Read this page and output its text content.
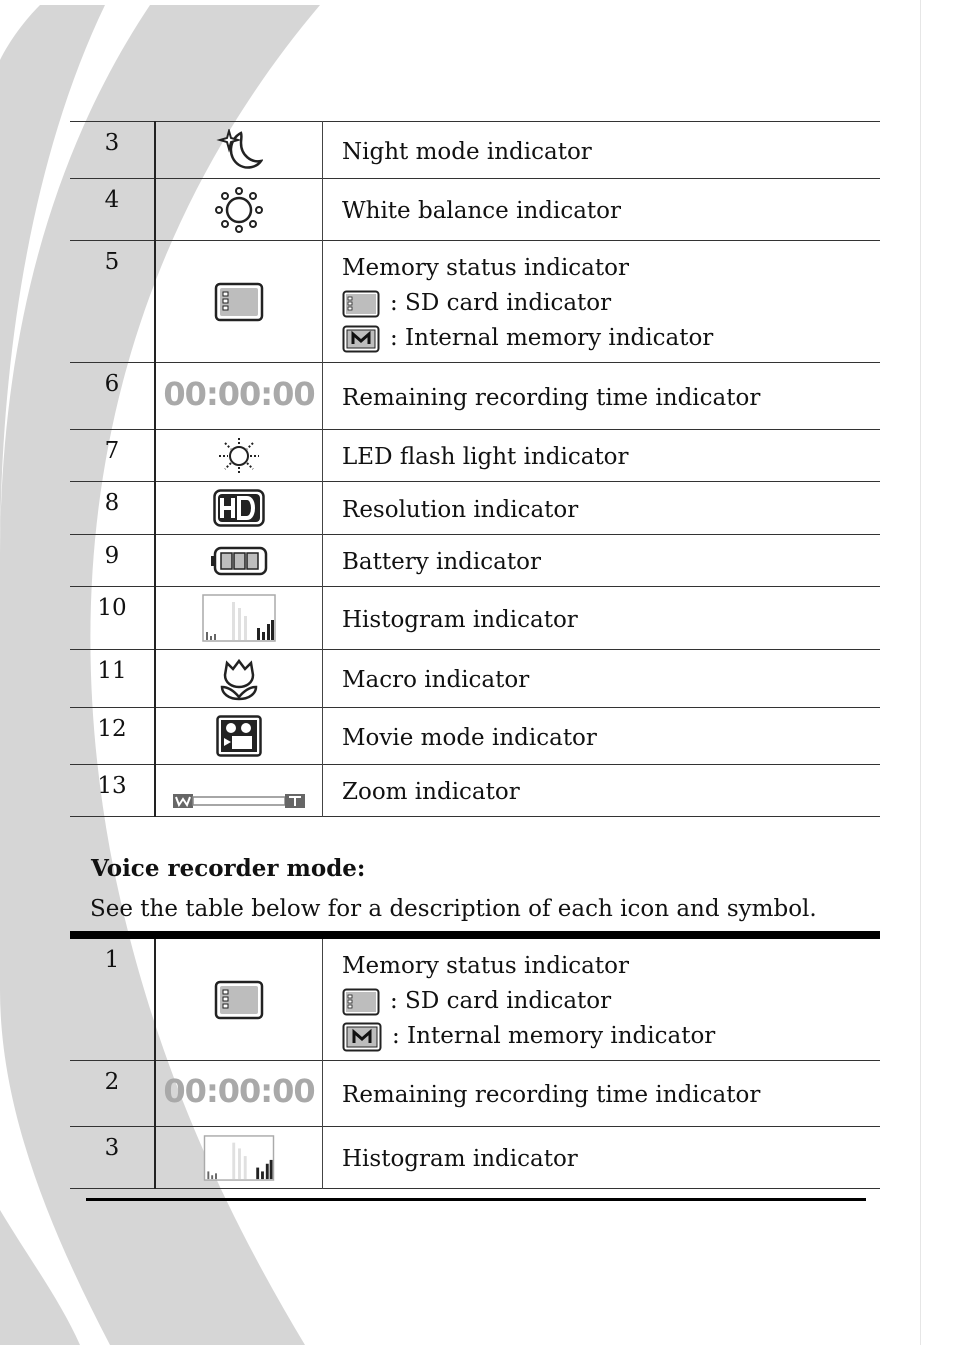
3		Night mode indicator

4		White balance indicator

5		Memory status indicator
: SD card indicator
: Internal memory indicator

6	00:00:00	Remaining recording time indicator

7		LED flash light indicator

8		Resolution indicator

9		Battery indicator

10		Histogram indicator

11		Macro indicator

12		Movie mode indicator

13		Zoom indicator
Voice recorder mode:
See the table below for a description of each icon and symbol.
1		Memory status indicator
: SD card indicator
: Internal memory indicator

2	00:00:00	Remaining recording time indicator

3		Histogram indicator
